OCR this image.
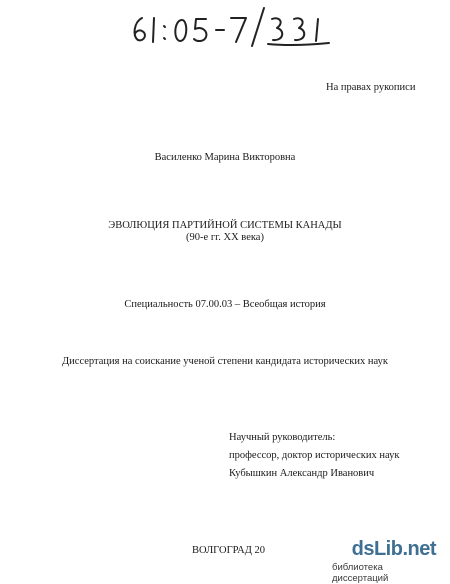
На правах рукописи
Василенко Марина Викторовна
ЭВОЛЮЦИЯ ПАРТИЙНОЙ СИСТЕМЫ КАНАДЫ
(90-е гг. XX века)
Специальность 07.00.03 – Всеобщая история
Диссертация на соискание ученой степени кандидата исторических наук
Научный руководитель:
профессор, доктор исторических наук
Кубышкин Александр Иванович
ВОЛГОГРАД 20	dsLib.net
библиотека диссертаций
